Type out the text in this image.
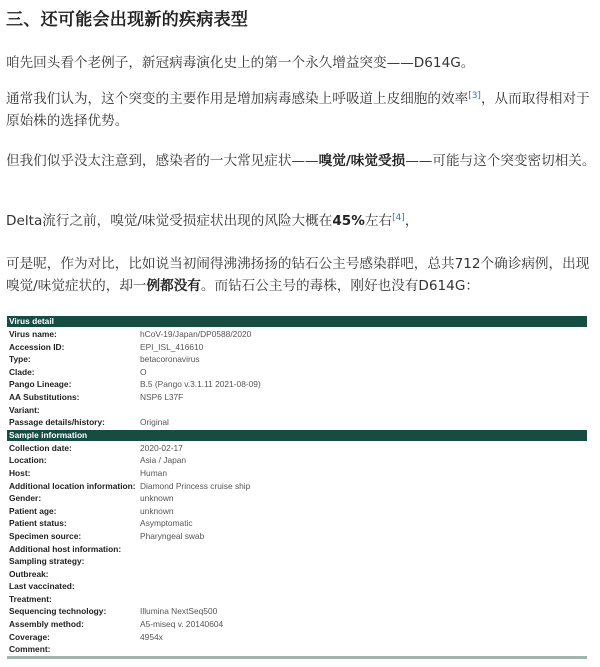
三、还可能会出现新的疾病表型

咱先回头看个老例子，新冠病毒演化史上的第一个永久增益突变——D614G。

通常我们认为，这个突变的主要作用是增加病毒感染上呼吸道上皮细胞的效率[3]，从而取得相对于原始株的选择优势。

但我们似乎没太注意到，感染者的一大常见症状——嗅觉/味觉受损——可能与这个突变密切相关。

Delta流行之前，嗅觉/味觉受损症状出现的风险大概在45%左右[4]，

可是呢，作为对比，比如说当初闹得沸沸扬扬的钻石公主号感染群吧，总共712个确诊病例，出现嗅觉/味觉症状的，却一例都没有。而钻石公主号的毒株，刚好也没有D614G：

Virus detail
Virus name:	hCoV-19/Japan/DP0588/2020
Accession ID:	EPI_ISL_416610
Type:	betacoronavirus
Clade:	O
Pango Lineage:	B.5 (Pango v.3.1.11 2021-08-09)
AA Substitutions:	NSP6 L37F
Variant:
Passage details/history:	Original
Sample information
Collection date:	2020-02-17
Location:	Asia / Japan
Host:	Human
Additional location information: Diamond Princess cruise ship
Gender:	unknown
Patient age:	unknown
Patient status:	Asymptomatic
Specimen source:	Pharyngeal swab
Additional host information:
Sampling strategy:
Outbreak:
Last vaccinated:
Treatment:
Sequencing technology:	Illumina NextSeq500
Assembly method:	A5-miseq v. 20140604
Coverage:	4954x
Comment:
